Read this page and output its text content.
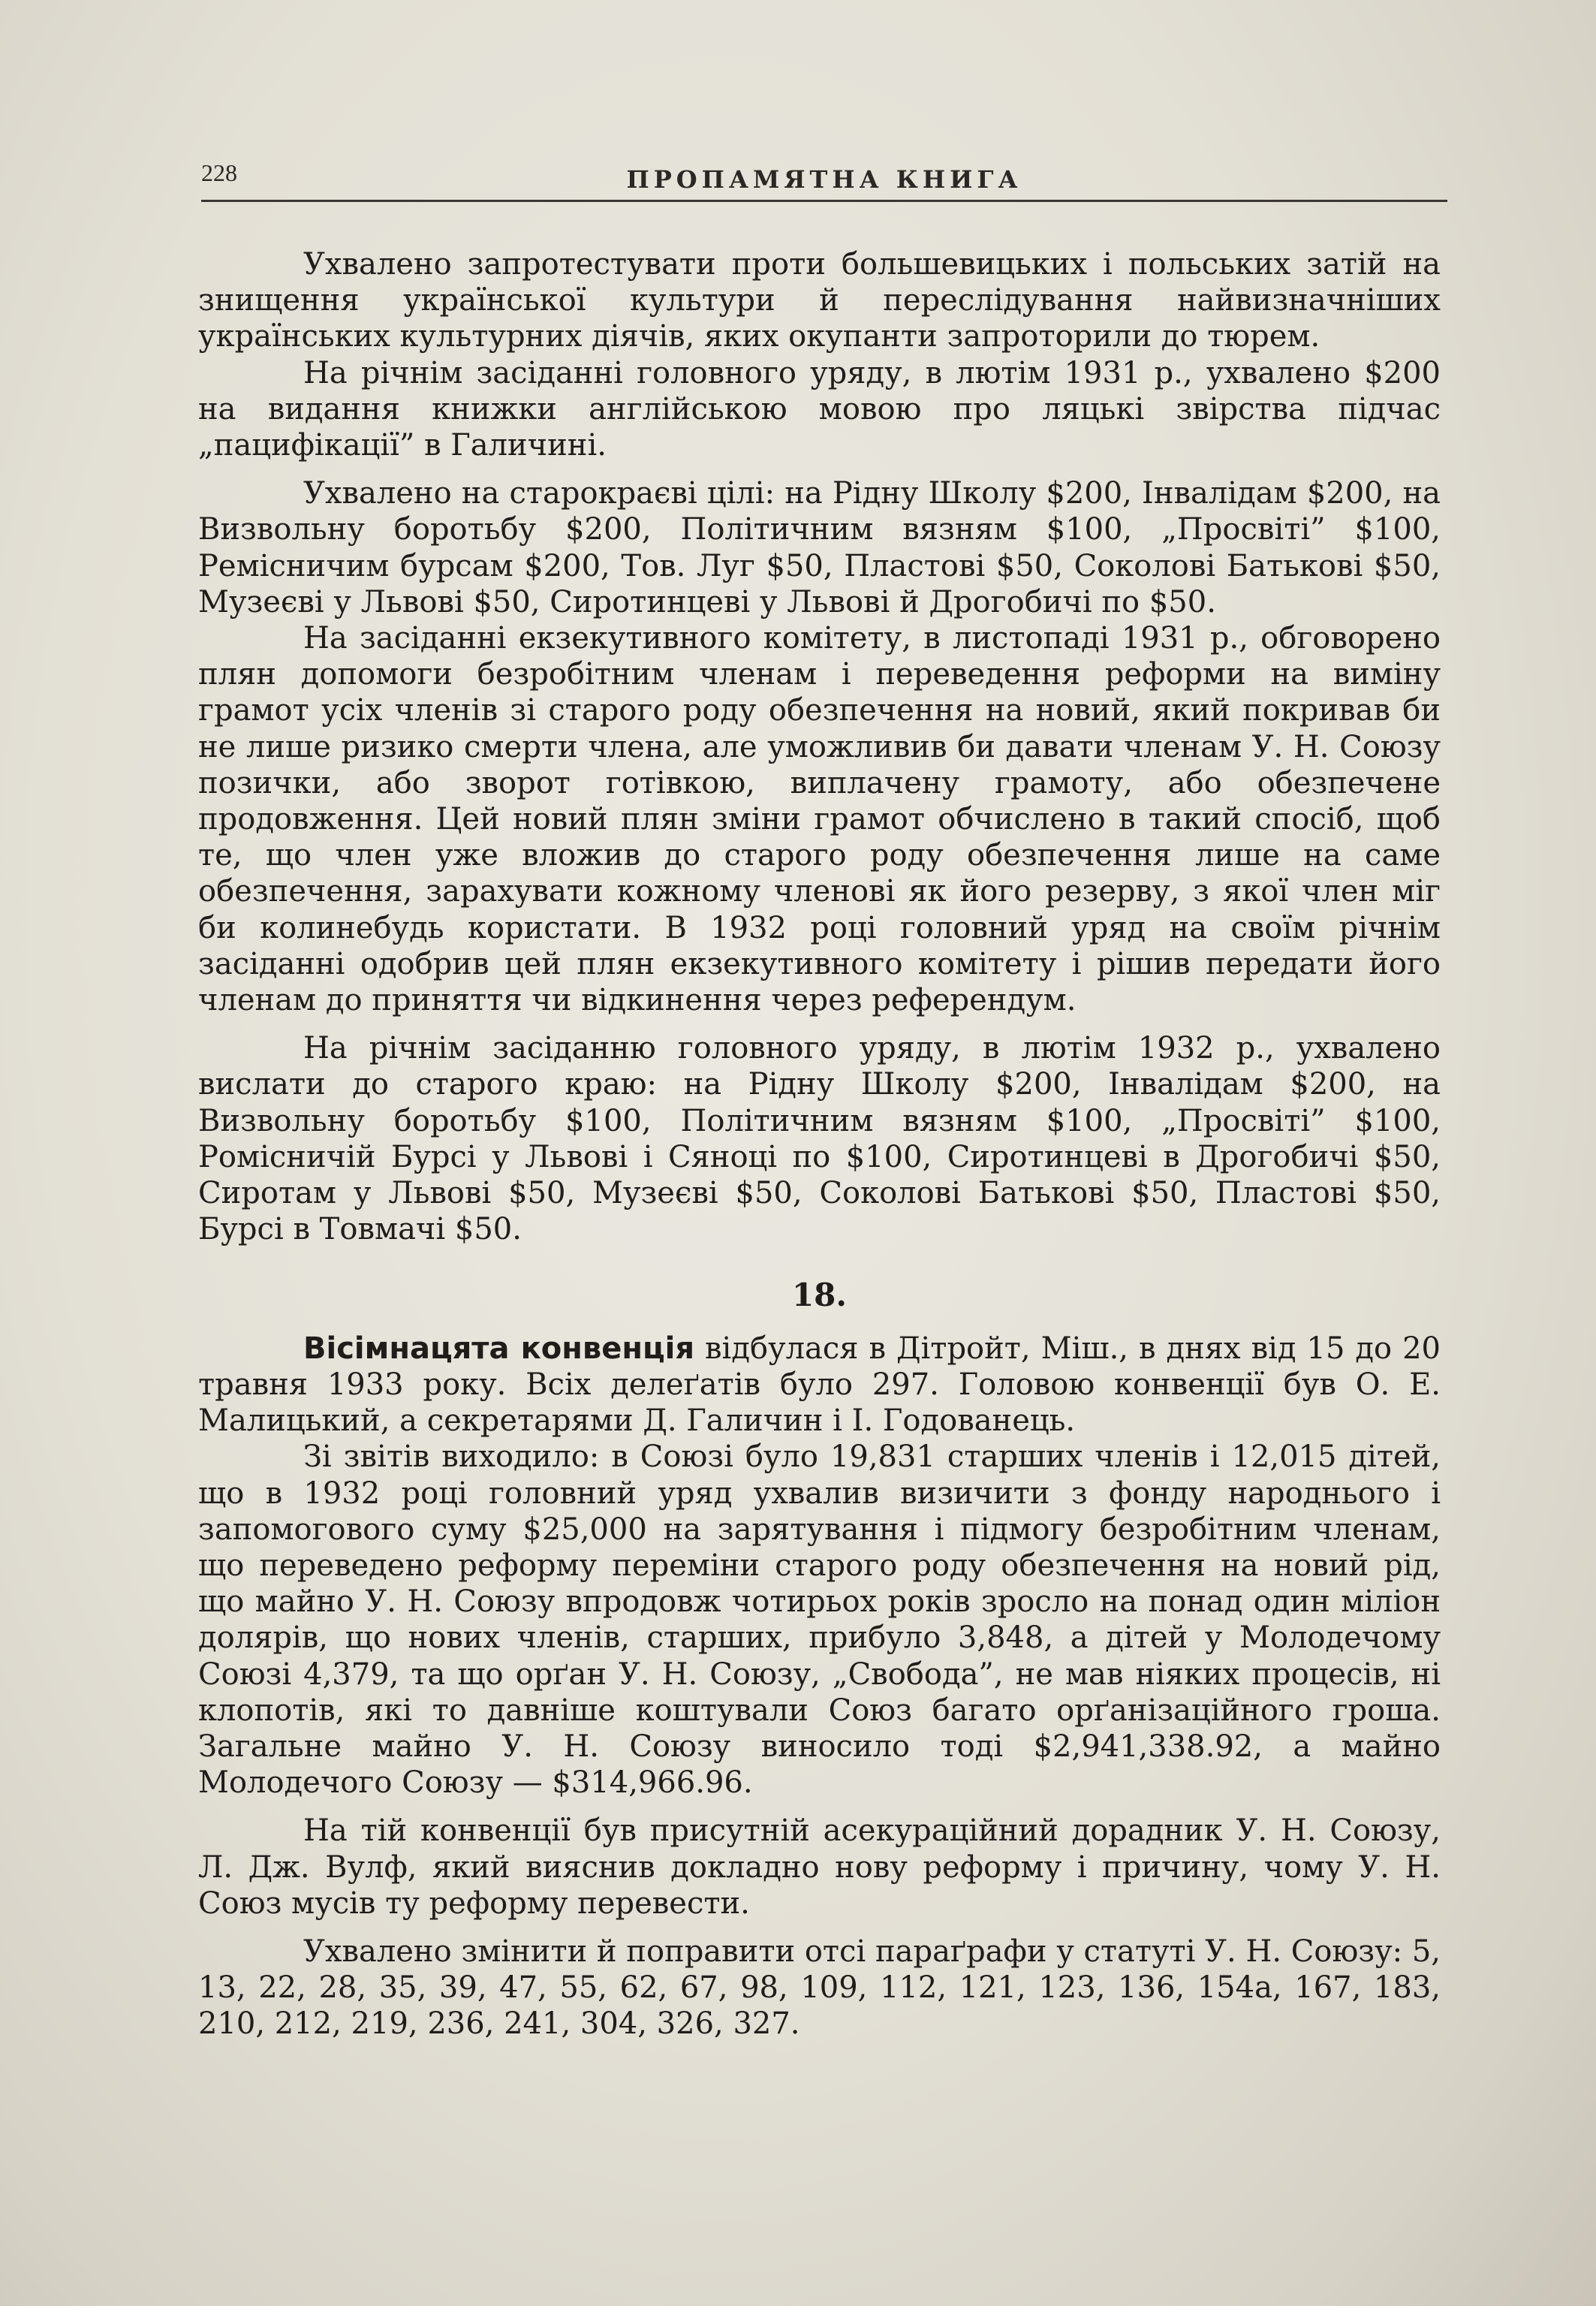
228	ПРОПАМЯТНА КНИГА

Ухвалено запротестувати проти большевицьких і польських затій на знищення української культури й переслідування найвизначніших українських культурних діячів, яких окупанти запроторили до тюрем.

На річнім засіданні головного уряду, в лютім 1931 р., ухвалено $200 на видання книжки англійською мовою про ляцькі звірства підчас „пацифікації” в Галичині.

Ухвалено на старокраєві цілі: на Рідну Школу $200, Інвалідам $200, на Визвольну боротьбу $200, Політичним вязням $100, „Просвіті” $100, Ремісничим бурсам $200, Тов. Луг $50, Пластові $50, Соколові Батькові $50, Музеєві у Львові $50, Сиротинцеві у Львові й Дрогобичі по $50.

На засіданні екзекутивного комітету, в листопаді 1931 р., обговорено плян допомоги безробітним членам і переведення реформи на виміну грамот усіх членів зі старого роду обезпечення на новий, який покривав би не лише ризико смерти члена, але уможливив би давати членам У. Н. Союзу позички, або зворот готівкою, виплачену грамоту, або обезпечене продовження. Цей новий плян зміни грамот обчислено в такий спосіб, щоб те, що член уже вложив до старого роду обезпечення лише на саме обезпечення, зарахувати кожному членові як його резерву, з якої член міг би колинебудь користати. В 1932 році головний уряд на своїм річнім засіданні одобрив цей плян екзекутивного комітету і рішив передати його членам до приняття чи відкинення через референдум.

На річнім засіданню головного уряду, в лютім 1932 р., ухвалено вислати до старого краю: на Рідну Школу $200, Інвалідам $200, на Визвольну боротьбу $100, Політичним вязням $100, „Просвіті” $100, Ромісничій Бурсі у Львові і Сяноці по $100, Сиротинцеві в Дрогобичі $50, Сиротам у Львові $50, Музеєві $50, Соколові Батькові $50, Пластові $50, Бурсі в Товмачі $50.

18.

Вісімнацята конвенція відбулася в Дітройт, Міш., в днях від 15 до 20 травня 1933 року. Всіх делеґатів було 297. Головою конвенції був О. Е. Малицький, а секретарями Д. Галичин і І. Годованець.

Зі звітів виходило: в Союзі було 19,831 старших членів і 12,015 дітей, що в 1932 році головний уряд ухвалив визичити з фонду народнього і запомогового суму $25,000 на зарятування і підмогу безробітним членам, що переведено реформу переміни старого роду обезпечення на новий рід, що майно У. Н. Союзу впродовж чотирьох років зросло на понад один міліон долярів, що нових членів, старших, прибуло 3,848, а дітей у Молодечому Союзі 4,379, та що орґан У. Н. Союзу, „Свобода”, не мав ніяких процесів, ні клопотів, які то давніше коштували Союз багато орґанізаційного гроша. Загальне майно У. Н. Союзу виносило тоді $2,941,338.92, а майно Молодечого Союзу — $314,966.96.

На тій конвенції був присутній асекураційний дорадник У. Н. Союзу, Л. Дж. Вулф, який вияснив докладно нову реформу і причину, чому У. Н. Союз мусів ту реформу перевести.

Ухвалено змінити й поправити отсі параґрафи у статуті У. Н. Союзу: 5, 13, 22, 28, 35, 39, 47, 55, 62, 67, 98, 109, 112, 121, 123, 136, 154а, 167, 183, 210, 212, 219, 236, 241, 304, 326, 327.
